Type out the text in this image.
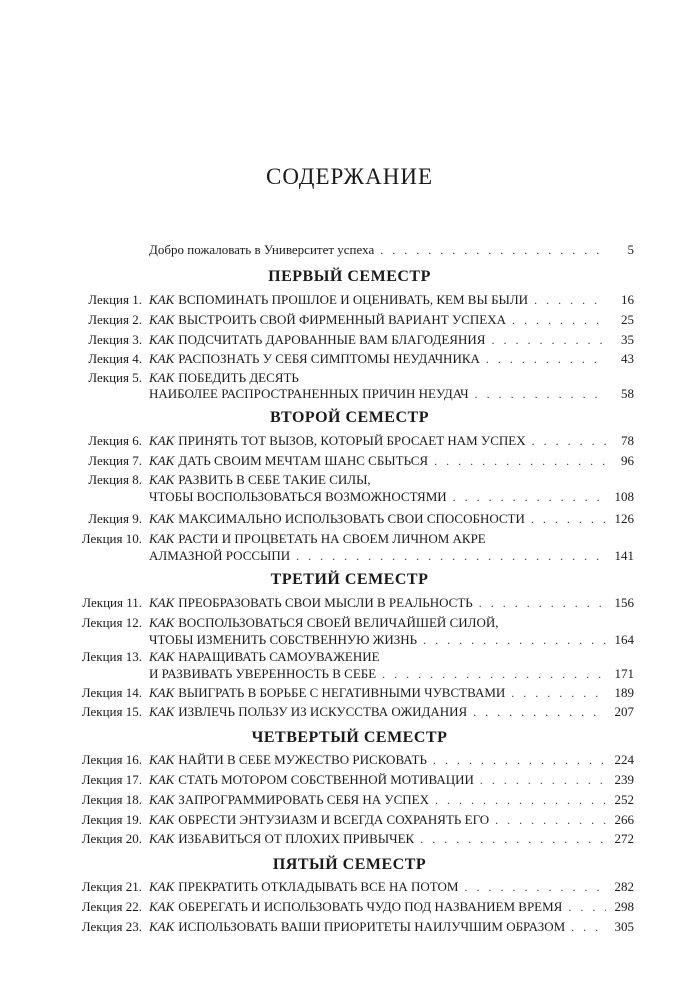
СОДЕРЖАНИЕ
Добро пожаловать в Университет успеха . . .	5
ПЕРВЫЙ СЕМЕСТР
Лекция 1. КАК ВСПОМИНАТЬ ПРОШЛОЕ И ОЦЕНИВАТЬ, КЕМ ВЫ БЫЛИ . . .	16
Лекция 2. КАК ВЫСТРОИТЬ СВОЙ ФИРМЕННЫЙ ВАРИАНТ УСПЕХА . . .	25
Лекция 3. КАК ПОДСЧИТАТЬ ДАРОВАННЫЕ ВАМ БЛАГОДЕЯНИЯ . . .	35
Лекция 4. КАК РАСПОЗНАТЬ У СЕБЯ СИМПТОМЫ НЕУДАЧНИКА . . .	43
Лекция 5. КАК ПОБЕДИТЬ ДЕСЯТЬ
НАИБОЛЕЕ РАСПРОСТРАНЕННЫХ ПРИЧИН НЕУДАЧ . . .	58
ВТОРОЙ СЕМЕСТР
Лекция 6. КАК ПРИНЯТЬ ТОТ ВЫЗОВ, КОТОРЫЙ БРОСАЕТ НАМ УСПЕХ . . .	78
Лекция 7. КАК ДАТЬ СВОИМ МЕЧТАМ ШАНС СБЫТЬСЯ . . .	96
Лекция 8. КАК РАЗВИТЬ В СЕБЕ ТАКИЕ СИЛЫ,
ЧТОБЫ ВОСПОЛЬЗОВАТЬСЯ ВОЗМОЖНОСТЯМИ . . .	108
Лекция 9. КАК МАКСИМАЛЬНО ИСПОЛЬЗОВАТЬ СВОИ СПОСОБНОСТИ . . .	126
Лекция 10. КАК РАСТИ И ПРОЦВЕТАТЬ НА СВОЕМ ЛИЧНОМ АКРЕ
АЛМАЗНОЙ РОССЫПИ . . .	141
ТРЕТИЙ СЕМЕСТР
Лекция 11. КАК ПРЕОБРАЗОВАТЬ СВОИ МЫСЛИ В РЕАЛЬНОСТЬ . . .	156
Лекция 12. КАК ВОСПОЛЬЗОВАТЬСЯ СВОЕЙ ВЕЛИЧАЙШЕЙ СИЛОЙ,
ЧТОБЫ ИЗМЕНИТЬ СОБСТВЕННУЮ ЖИЗНЬ . . .	164
Лекция 13. КАК НАРАЩИВАТЬ САМОУВАЖЕНИЕ
И РАЗВИВАТЬ УВЕРЕННОСТЬ В СЕБЕ . . .	171
Лекция 14. КАК ВЫИГРАТЬ В БОРЬБЕ С НЕГАТИВНЫМИ ЧУВСТВАМИ . . .	189
Лекция 15. КАК ИЗВЛЕЧЬ ПОЛЬЗУ ИЗ ИСКУССТВА ОЖИДАНИЯ . . .	207
ЧЕТВЕРТЫЙ СЕМЕСТР
Лекция 16. КАК НАЙТИ В СЕБЕ МУЖЕСТВО РИСКОВАТЬ . . .	224
Лекция 17. КАК СТАТЬ МОТОРОМ СОБСТВЕННОЙ МОТИВАЦИИ . . .	239
Лекция 18. КАК ЗАПРОГРАММИРОВАТЬ СЕБЯ НА УСПЕХ . . .	252
Лекция 19. КАК ОБРЕСТИ ЭНТУЗИАЗМ И ВСЕГДА СОХРАНЯТЬ ЕГО . . .	266
Лекция 20. КАК ИЗБАВИТЬСЯ ОТ ПЛОХИХ ПРИВЫЧЕК . . .	272
ПЯТЫЙ СЕМЕСТР
Лекция 21. КАК ПРЕКРАТИТЬ ОТКЛАДЫВАТЬ ВСЕ НА ПОТОМ . . .	282
Лекция 22. КАК ОБЕРЕГАТЬ И ИСПОЛЬЗОВАТЬ ЧУДО ПОД НАЗВАНИЕМ ВРЕМЯ . . .	298
Лекция 23. КАК ИСПОЛЬЗОВАТЬ ВАШИ ПРИОРИТЕТЫ НАИЛУЧШИМ ОБРАЗОМ . . .	305
